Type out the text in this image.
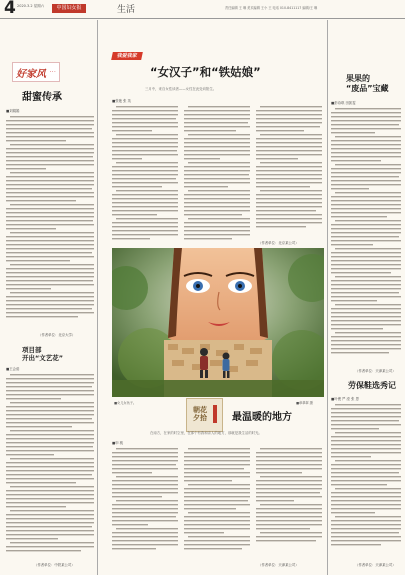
4 2020.3.2 星期六	中国妇女报	生活	责任编辑 王 琳 美术编辑 王小 王 电话 010-8411117 编辑/王 琳
好家风 ···
甜蜜传承
■刘娟娟
（作者单位：北京大学）
项目部
开出“文艺花”
■王会茹
（作者单位：中铁某公司）
我爱我家
“女汉子”和“铁姑娘”
三月中，来自女性读者——女性在此处向阳生。
■张艳 张 英
（作者单位：北京某公司）
■女儿女孩子。	■章翠翠 摄
朝花
夕拾	最温暖的地方
在南方，在家的时空里，在那个有我和亲人的地方，那就是我生活的时光。
■申 桃
（作者单位：天津某公司）
果果的
“废品”宝藏
■彭诗琪 田凯雯
（作者单位：天津某公司）
劳保鞋选秀记
■叶俊 严 滢 张 思
（作者单位：天津某公司）
